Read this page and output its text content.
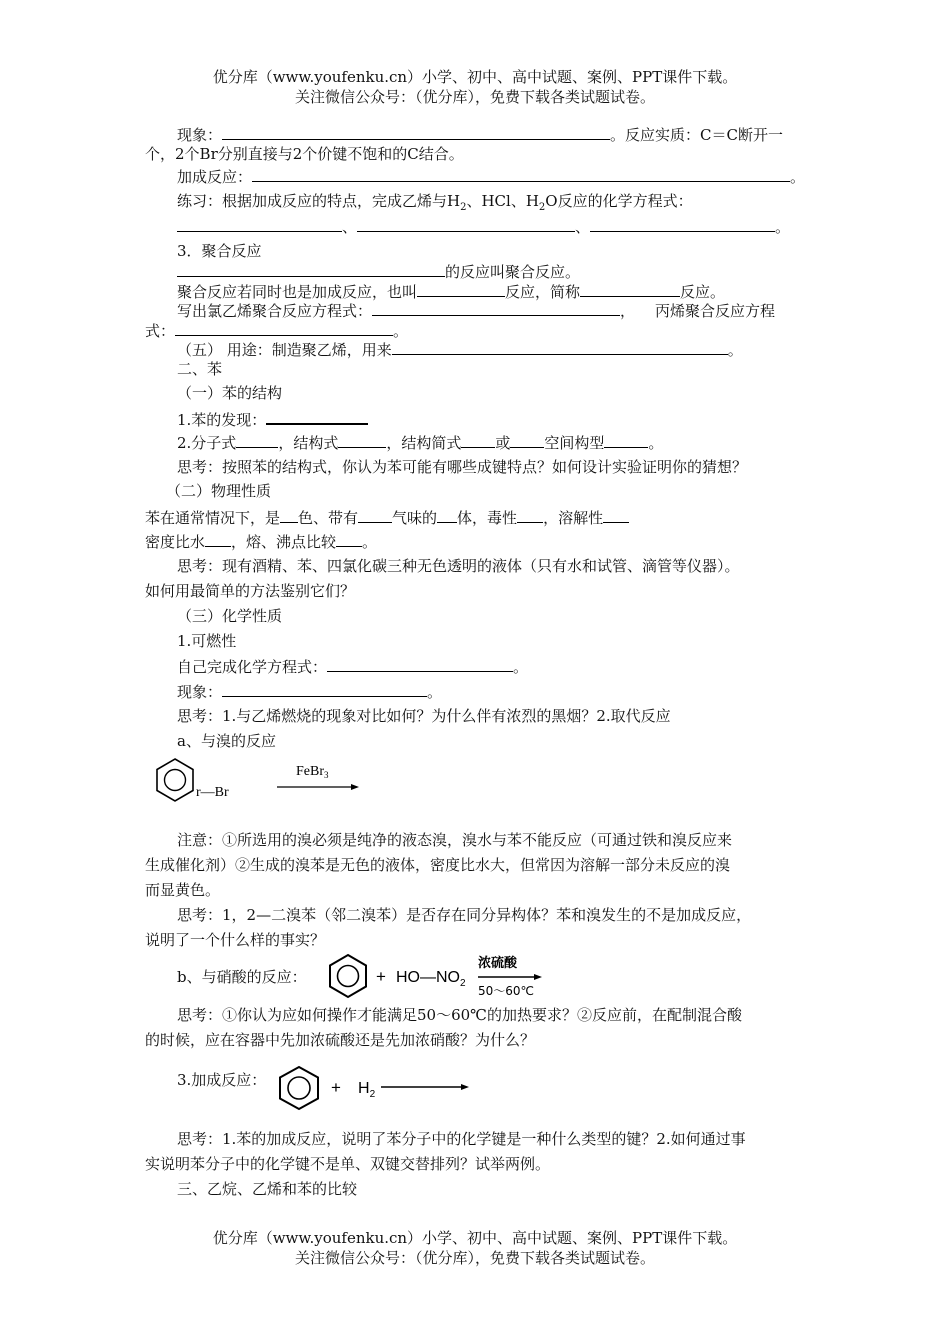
优分库（www.youfenku.cn）小学、初中、高中试题、案例、PPT课件下载。
关注微信公众号：（优分库），免费下载各类试题试卷。
现象：	。反应实质：C＝C断开一
个，2个Br分别直接与2个价键不饱和的C结合。
加成反应：	。
练习：根据加成反应的特点，完成乙烯与$H_2$、HCl、$H_2O$反应的化学方程式：
、	、	。
3．聚合反应
的反应叫聚合反应。
聚合反应若同时也是加成反应，也叫	反应，简称	反应。
写出氯乙烯聚合反应方程式：	， 丙烯聚合反应方程
式：	。
（五） 用途：制造聚乙烯，用来	。
二、苯
（一）苯的结构
1.苯的发现：
2.分子式	，结构式	，结构简式 或 空间构型	。
思考：按照苯的结构式，你认为苯可能有哪些成键特点？如何设计实验证明你的猜想？
（二）物理性质
苯在通常情况下，是 色、带有 气味的 体，毒性 ，溶解性
密度比水 ，熔、沸点比较 。
思考：现有酒精、苯、四氯化碳三种无色透明的液体（只有水和试管、滴管等仪器）。
如何用最简单的方法鉴别它们？
（三）化学性质
1.可燃性
自己完成化学方程式：	。
现象：	。
思考：1.与乙烯燃烧的现象对比如何？为什么伴有浓烈的黑烟？2.取代反应
a、与溴的反应
r—Br
FeBr$_3$
注意：①所选用的溴必须是纯净的液态溴，溴水与苯不能反应（可通过铁和溴反应来
生成催化剂）②生成的溴苯是无色的液体，密度比水大，但常因为溶解一部分未反应的溴
而显黄色。
思考：1，2—二溴苯（邻二溴苯）是否存在同分异构体？苯和溴发生的不是加成反应，
说明了一个什么样的事实？
b、与硝酸的反应：	+ $HO—NO_2$
浓硫酸
50～60℃
思考：①你认为应如何操作才能满足50～60℃的加热要求？②反应前，在配制混合酸
的时候，应在容器中先加浓硫酸还是先加浓硝酸？为什么？
3.加成反应：	+ $H_2$
思考：1.苯的加成反应，说明了苯分子中的化学键是一种什么类型的键？2.如何通过事
实说明苯分子中的化学键不是单、双键交替排列？试举两例。
三、乙烷、乙烯和苯的比较
优分库（www.youfenku.cn）小学、初中、高中试题、案例、PPT课件下载。
关注微信公众号：（优分库），免费下载各类试题试卷。
